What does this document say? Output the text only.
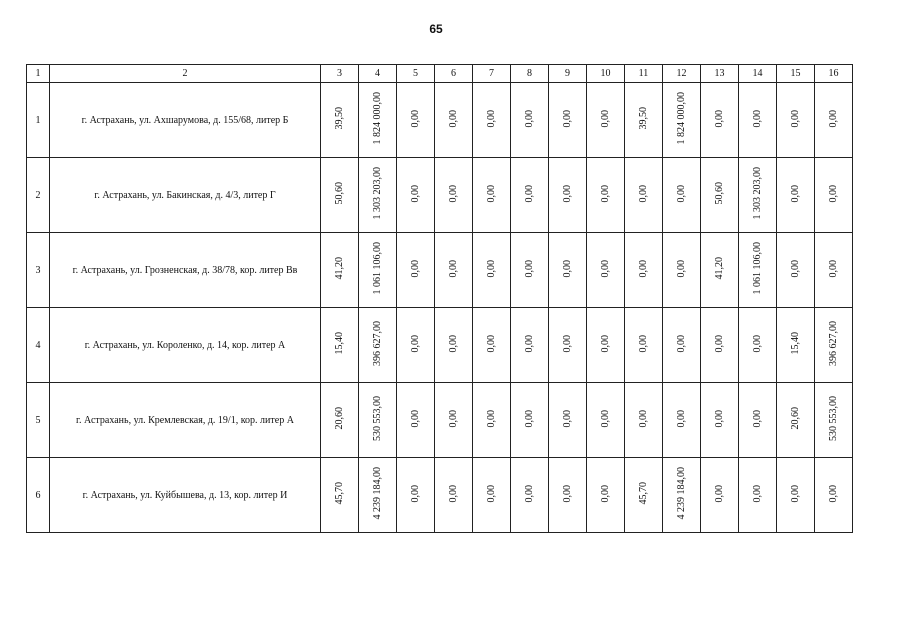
65
1	2	3	4	5	6	7	8	9	10	11	12	13	14	15	16
1	г. Астрахань, ул. Ахшарумова, д. 155/68, литер Б	39,50	1 824 000,00	0,00	0,00	0,00	0,00	0,00	0,00	39,50	1 824 000,00	0,00	0,00	0,00	0,00
2	г. Астрахань, ул. Бакинская, д. 4/3, литер Г	50,60	1 303 203,00	0,00	0,00	0,00	0,00	0,00	0,00	0,00	0,00	50,60	1 303 203,00	0,00	0,00
3	г. Астрахань, ул. Грозненская, д. 38/78, кор. литер Вв	41,20	1 061 106,00	0,00	0,00	0,00	0,00	0,00	0,00	0,00	0,00	41,20	1 061 106,00	0,00	0,00
4	г. Астрахань, ул. Короленко, д. 14, кор. литер А	15,40	396 627,00	0,00	0,00	0,00	0,00	0,00	0,00	0,00	0,00	0,00	0,00	15,40	396 627,00
5	г. Астрахань, ул. Кремлевская, д. 19/1, кор. литер А	20,60	530 553,00	0,00	0,00	0,00	0,00	0,00	0,00	0,00	0,00	0,00	0,00	20,60	530 553,00
6	г. Астрахань, ул. Куйбышева, д. 13, кор. литер И	45,70	4 239 184,00	0,00	0,00	0,00	0,00	0,00	0,00	45,70	4 239 184,00	0,00	0,00	0,00	0,00
